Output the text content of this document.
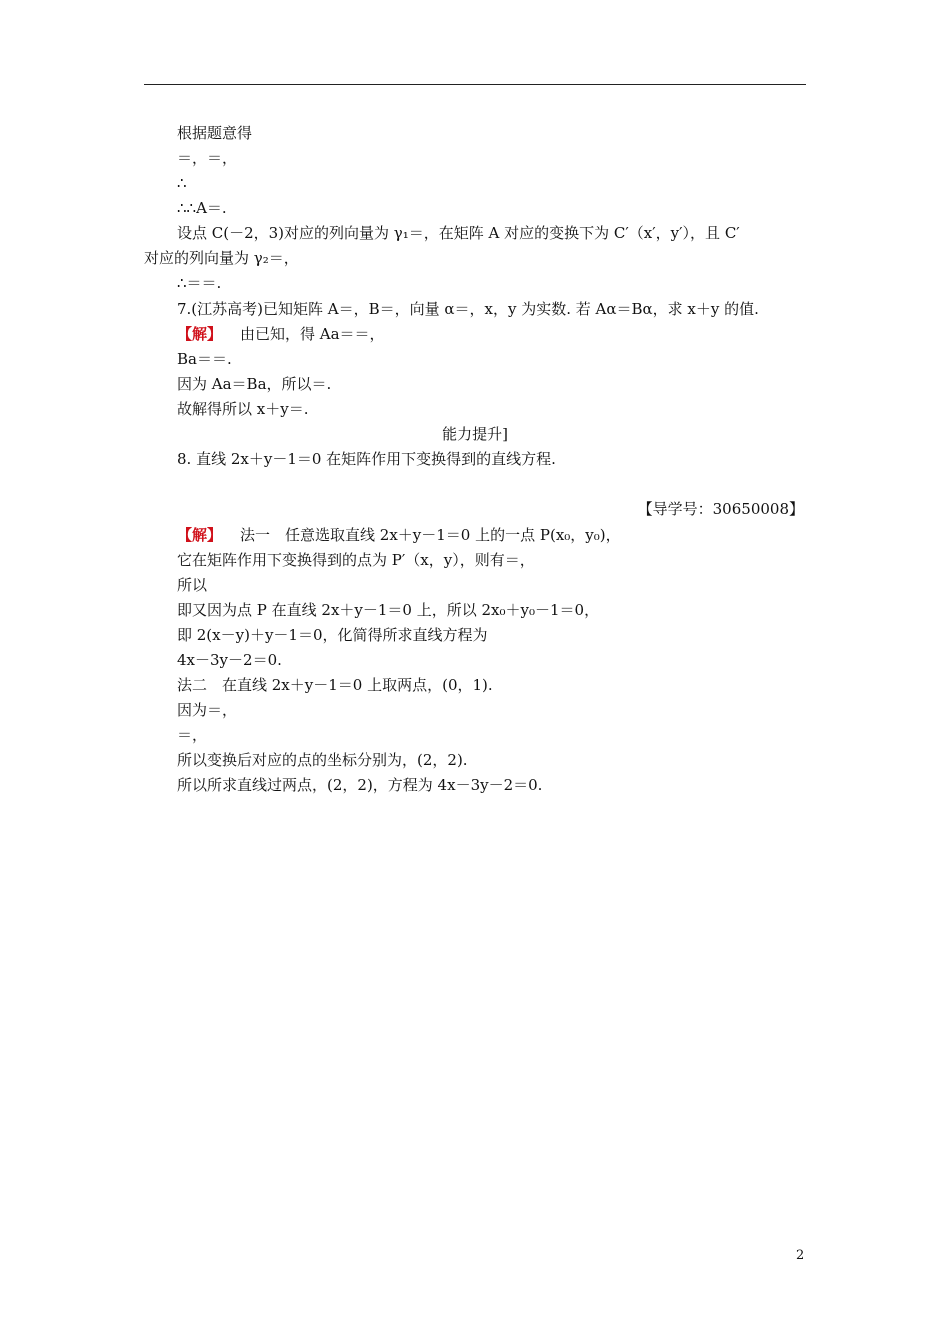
根据题意得
＝，＝，
∴
∴∴A＝.
设点 C(－2，3)对应的列向量为 γ₁＝，在矩阵 A 对应的变换下为 C′（x′，y′），且 C′
对应的列向量为 γ₂＝，
∴＝＝.
7.(江苏高考)已知矩阵 A＝，B＝，向量 α＝，x，y 为实数. 若 Aα＝Bα，求 x＋y 的值.
【解】 由已知，得 Aa＝＝，
Ba＝＝.
因为 Aa＝Ba，所以＝.
故解得所以 x＋y＝.
能力提升]
8. 直线 2x＋y－1＝0 在矩阵作用下变换得到的直线方程.
【导学号：30650008】
【解】 法一　任意选取直线 2x＋y－1＝0 上的一点 P(x₀，y₀)，
它在矩阵作用下变换得到的点为 P′（x，y），则有＝，
所以
即又因为点 P 在直线 2x＋y－1＝0 上，所以 2x₀＋y₀－1＝0，
即 2(x－y)＋y－1＝0，化简得所求直线方程为
4x－3y－2＝0.
法二　在直线 2x＋y－1＝0 上取两点，(0，1).
因为＝，
＝，
所以变换后对应的点的坐标分别为，(2，2).
所以所求直线过两点，(2，2)，方程为 4x－3y－2＝0.
2
